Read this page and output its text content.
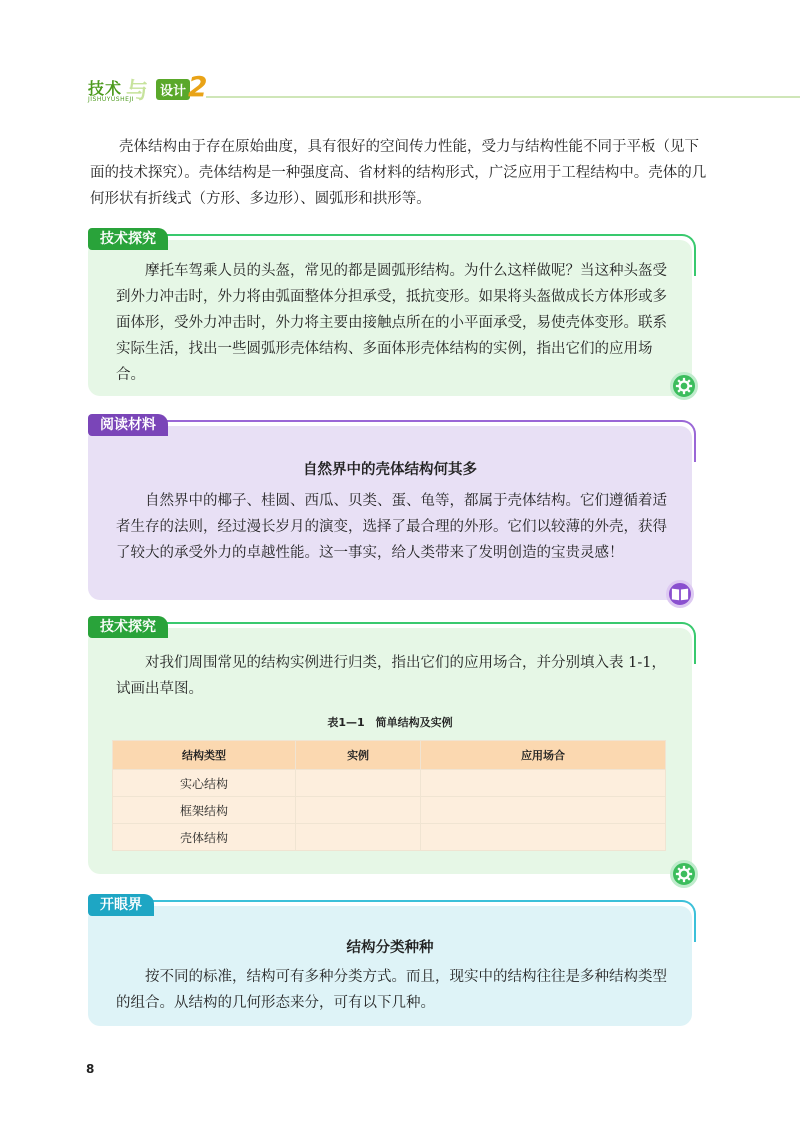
技术
JISHUYUSHEJI
与 设计 2

壳体结构由于存在原始曲度，具有很好的空间传力性能，受力与结构性能不同于平板（见下面的技术探究）。壳体结构是一种强度高、省材料的结构形式，广泛应用于工程结构中。壳体的几何形状有折线式（方形、多边形）、圆弧形和拱形等。

技术探究

摩托车驾乘人员的头盔，常见的都是圆弧形结构。为什么这样做呢？当这种头盔受到外力冲击时，外力将由弧面整体分担承受，抵抗变形。如果将头盔做成长方体形或多面体形，受外力冲击时，外力将主要由接触点所在的小平面承受，易使壳体变形。联系实际生活，找出一些圆弧形壳体结构、多面体形壳体结构的实例，指出它们的应用场合。

阅读材料

自然界中的壳体结构何其多

自然界中的椰子、桂圆、西瓜、贝类、蛋、龟等，都属于壳体结构。它们遵循着适者生存的法则，经过漫长岁月的演变，选择了最合理的外形。它们以较薄的外壳，获得了较大的承受外力的卓越性能。这一事实，给人类带来了发明创造的宝贵灵感！

技术探究

对我们周围常见的结构实例进行归类，指出它们的应用场合，并分别填入表 1-1，试画出草图。

表1—1　简单结构及实例

结构类型	实例	应用场合
实心结构		
框架结构		
壳体结构		
开眼界

结构分类种种

按不同的标准，结构可有多种分类方式。而且，现实中的结构往往是多种结构类型的组合。从结构的几何形态来分，可有以下几种。

8
